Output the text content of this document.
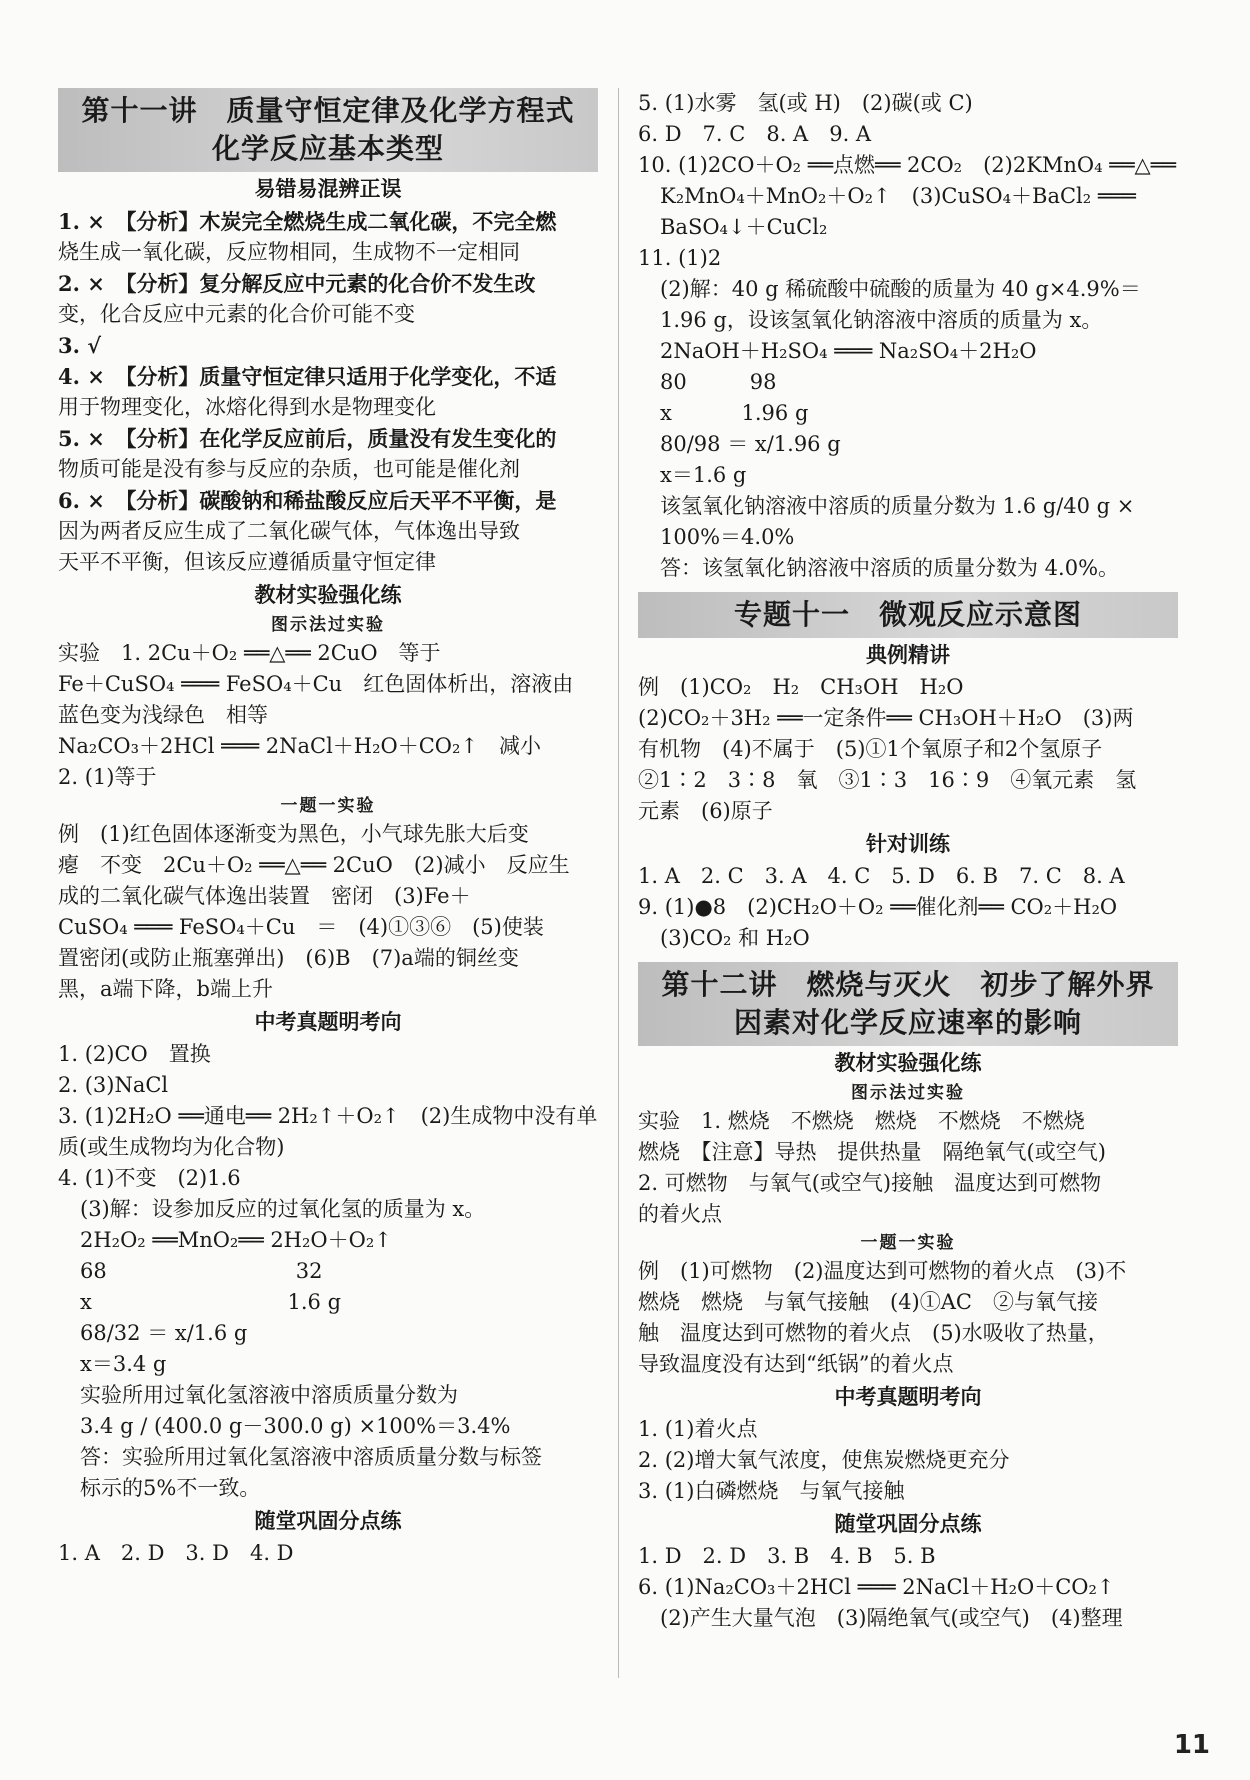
第十一讲　质量守恒定律及化学方程式
化学反应基本类型
易错易混辨正误
1. ×　【分析】木炭完全燃烧生成二氧化碳，不完全燃
烧生成一氧化碳，反应物相同，生成物不一定相同
2. ×　【分析】复分解反应中元素的化合价不发生改
变，化合反应中元素的化合价可能不变
3. √
4. ×　【分析】质量守恒定律只适用于化学变化，不适
用于物理变化，冰熔化得到水是物理变化
5. ×　【分析】在化学反应前后，质量没有发生变化的
物质可能是没有参与反应的杂质，也可能是催化剂
6. ×　【分析】碳酸钠和稀盐酸反应后天平不平衡，是
因为两者反应生成了二氧化碳气体，气体逸出导致
天平不平衡，但该反应遵循质量守恒定律
教材实验强化练
图示法过实验
实验　1. 2Cu＋O₂ ══△══ 2CuO　等于
Fe＋CuSO₄ ═══ FeSO₄＋Cu　红色固体析出，溶液由
蓝色变为浅绿色　相等
Na₂CO₃＋2HCl ═══ 2NaCl＋H₂O＋CO₂↑　减小
2. (1)等于
一题一实验
例　(1)红色固体逐渐变为黑色，小气球先胀大后变
瘪　不变　2Cu＋O₂ ══△══ 2CuO　(2)减小　反应生
成的二氧化碳气体逸出装置　密闭　(3)Fe＋
CuSO₄ ═══ FeSO₄＋Cu　＝　(4)①③⑥　(5)使装
置密闭(或防止瓶塞弹出)　(6)B　(7)a端的铜丝变
黑，a端下降，b端上升
中考真题明考向
1. (2)CO　置换
2. (3)NaCl
3. (1)2H₂O ══通电══ 2H₂↑＋O₂↑　(2)生成物中没有单
质(或生成物均为化合物)
4. (1)不变　(2)1.6
(3)解：设参加反应的过氧化氢的质量为 x。
2H₂O₂ ══MnO₂══ 2H₂O＋O₂↑
68　　　　　　　　　32
x　　　　　　　　　 1.6 g
68/32 ＝ x/1.6 g
x＝3.4 g
实验所用过氧化氢溶液中溶质质量分数为
3.4 g / (400.0 g－300.0 g) ×100%＝3.4%
答：实验所用过氧化氢溶液中溶质质量分数与标签
标示的5%不一致。
随堂巩固分点练
1. A　2. D　3. D　4. D
5. (1)水雾　氢(或 H)　(2)碳(或 C)
6. D　7. C　8. A　9. A
10. (1)2CO＋O₂ ══点燃══ 2CO₂　(2)2KMnO₄ ══△══
K₂MnO₄＋MnO₂＋O₂↑　(3)CuSO₄＋BaCl₂ ═══
BaSO₄↓＋CuCl₂
11. (1)2
(2)解：40 g 稀硫酸中硫酸的质量为 40 g×4.9%＝
1.96 g，设该氢氧化钠溶液中溶质的质量为 x。
2NaOH＋H₂SO₄ ═══ Na₂SO₄＋2H₂O
80　　　98
x　　　 1.96 g
80/98 ＝ x/1.96 g
x＝1.6 g
该氢氧化钠溶液中溶质的质量分数为 1.6 g/40 g ×
100%＝4.0%
答：该氢氧化钠溶液中溶质的质量分数为 4.0%。
专题十一　微观反应示意图
典例精讲
例　(1)CO₂　H₂　CH₃OH　H₂O
(2)CO₂＋3H₂ ══一定条件══ CH₃OH＋H₂O　(3)两
有机物　(4)不属于　(5)①1个氧原子和2个氢原子
②1∶2　3∶8　氧　③1∶3　16∶9　④氧元素　氢
元素　(6)原子
针对训练
1. A　2. C　3. A　4. C　5. D　6. B　7. C　8. A
9. (1)●8　(2)CH₂O＋O₂ ══催化剂══ CO₂＋H₂O
(3)CO₂ 和 H₂O
第十二讲　燃烧与灭火　初步了解外界
因素对化学反应速率的影响
教材实验强化练
图示法过实验
实验　1. 燃烧　不燃烧　燃烧　不燃烧　不燃烧
燃烧　【注意】导热　提供热量　隔绝氧气(或空气)
2. 可燃物　与氧气(或空气)接触　温度达到可燃物
的着火点
一题一实验
例　(1)可燃物　(2)温度达到可燃物的着火点　(3)不
燃烧　燃烧　与氧气接触　(4)①AC　②与氧气接
触　温度达到可燃物的着火点　(5)水吸收了热量，
导致温度没有达到“纸锅”的着火点
中考真题明考向
1. (1)着火点
2. (2)增大氧气浓度，使焦炭燃烧更充分
3. (1)白磷燃烧　与氧气接触
随堂巩固分点练
1. D　2. D　3. B　4. B　5. B
6. (1)Na₂CO₃＋2HCl ═══ 2NaCl＋H₂O＋CO₂↑
(2)产生大量气泡　(3)隔绝氧气(或空气)　(4)整理
11
